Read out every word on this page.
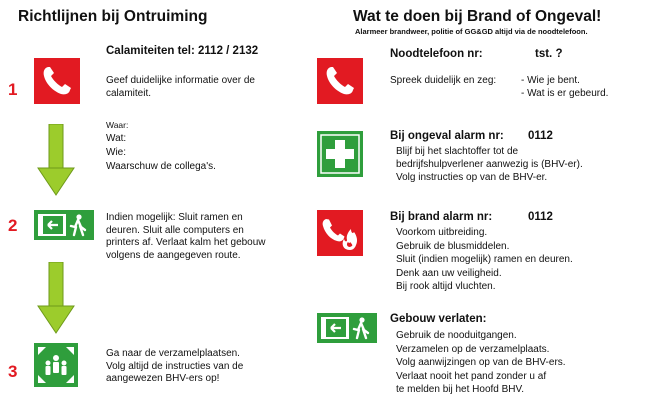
Richtlijnen bij Ontruiming	Wat te doen bij Brand of Ongeval!
Alarmeer brandweer, politie of GG&GD altijd via de noodtelefoon.
1
2
3
Calamiteiten tel: 2112 / 2132
Geef duidelijke informatie over de
calamiteit.
Waar:
Wat:
Wie:
Waarschuw de collega's.
Indien mogelijk: Sluit ramen en
deuren. Sluit alle computers en
printers af. Verlaat kalm het gebouw
volgens de aangegeven route.
Ga naar de verzamelplaatsen.
Volg altijd de instructies van de
aangewezen BHV-ers op!
Noodtelefoon nr:	tst. ?
Spreek duidelijk en zeg: - Wie je bent.
- Wat is er gebeurd.
Bij ongeval alarm nr: 0112
Blijf bij het slachtoffer tot de
bedrijfshulpverlener aanwezig is (BHV-er).
Volg instructies op van de BHV-er.
Bij brand alarm nr:	0112
Voorkom uitbreiding.
Gebruik de blusmiddelen.
Sluit (indien mogelijk) ramen en deuren.
Denk aan uw veiligheid.
Bij rook altijd vluchten.
Gebouw verlaten:
Gebruik de nooduitgangen.
Verzamelen op de verzamelplaats.
Volg aanwijzingen op van de BHV-ers.
Verlaat nooit het pand zonder u af
te melden bij het Hoofd BHV.
